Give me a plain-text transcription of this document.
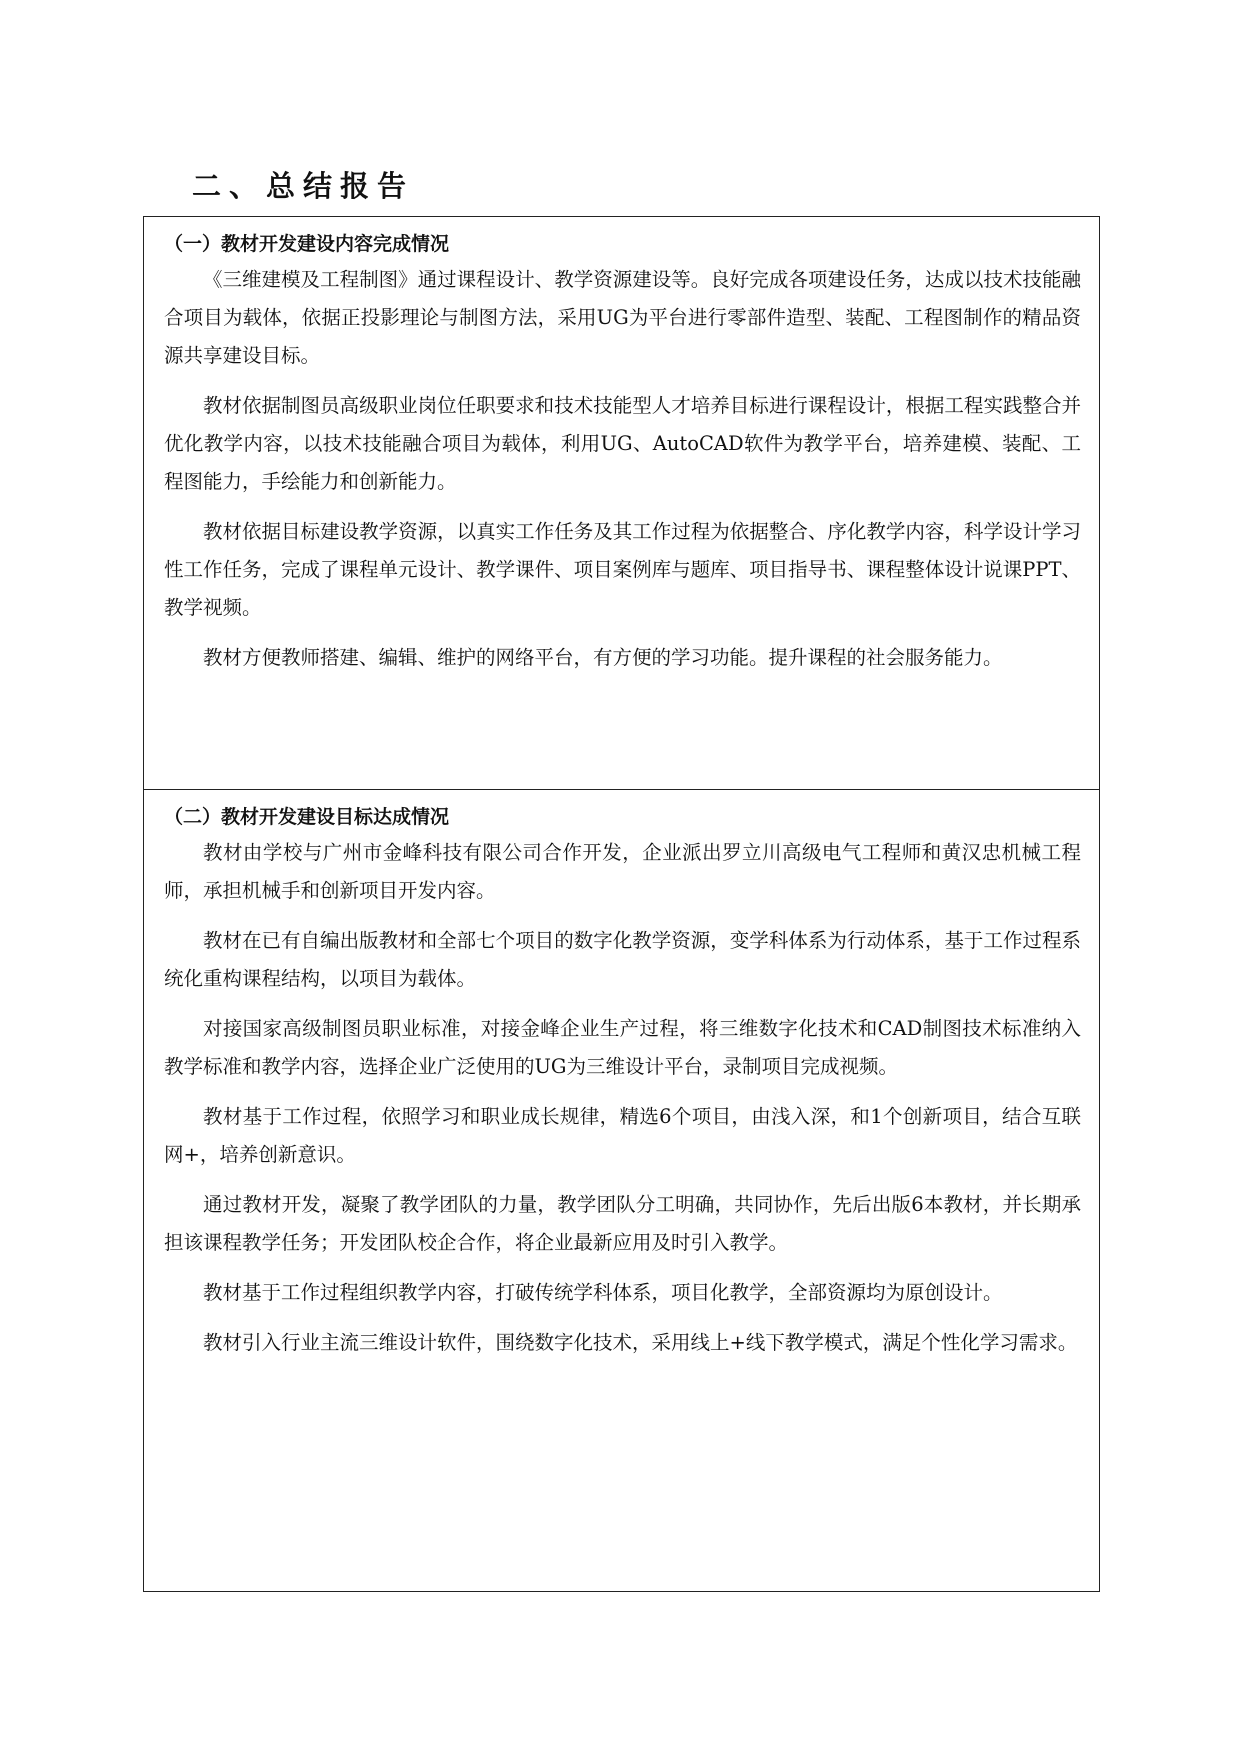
二、总结报告

（一）教材开发建设内容完成情况

《三维建模及工程制图》通过课程设计、教学资源建设等。良好完成各项建设任务，达成以技术技能融合项目为载体，依据正投影理论与制图方法，采用UG为平台进行零部件造型、装配、工程图制作的精品资源共享建设目标。

教材依据制图员高级职业岗位任职要求和技术技能型人才培养目标进行课程设计，根据工程实践整合并优化教学内容，以技术技能融合项目为载体，利用UG、AutoCAD软件为教学平台，培养建模、装配、工程图能力，手绘能力和创新能力。

教材依据目标建设教学资源，以真实工作任务及其工作过程为依据整合、序化教学内容，科学设计学习性工作任务，完成了课程单元设计、教学课件、项目案例库与题库、项目指导书、课程整体设计说课PPT、教学视频。

教材方便教师搭建、编辑、维护的网络平台，有方便的学习功能。提升课程的社会服务能力。

（二）教材开发建设目标达成情况

教材由学校与广州市金峰科技有限公司合作开发，企业派出罗立川高级电气工程师和黄汉忠机械工程师，承担机械手和创新项目开发内容。

教材在已有自编出版教材和全部七个项目的数字化教学资源，变学科体系为行动体系，基于工作过程系统化重构课程结构，以项目为载体。

对接国家高级制图员职业标准，对接金峰企业生产过程，将三维数字化技术和CAD制图技术标准纳入教学标准和教学内容，选择企业广泛使用的UG为三维设计平台，录制项目完成视频。

教材基于工作过程，依照学习和职业成长规律，精选6个项目，由浅入深，和1个创新项目，结合互联网+，培养创新意识。

通过教材开发，凝聚了教学团队的力量，教学团队分工明确，共同协作，先后出版6本教材，并长期承担该课程教学任务；开发团队校企合作，将企业最新应用及时引入教学。

教材基于工作过程组织教学内容，打破传统学科体系，项目化教学，全部资源均为原创设计。

教材引入行业主流三维设计软件，围绕数字化技术，采用线上+线下教学模式，满足个性化学习需求。
